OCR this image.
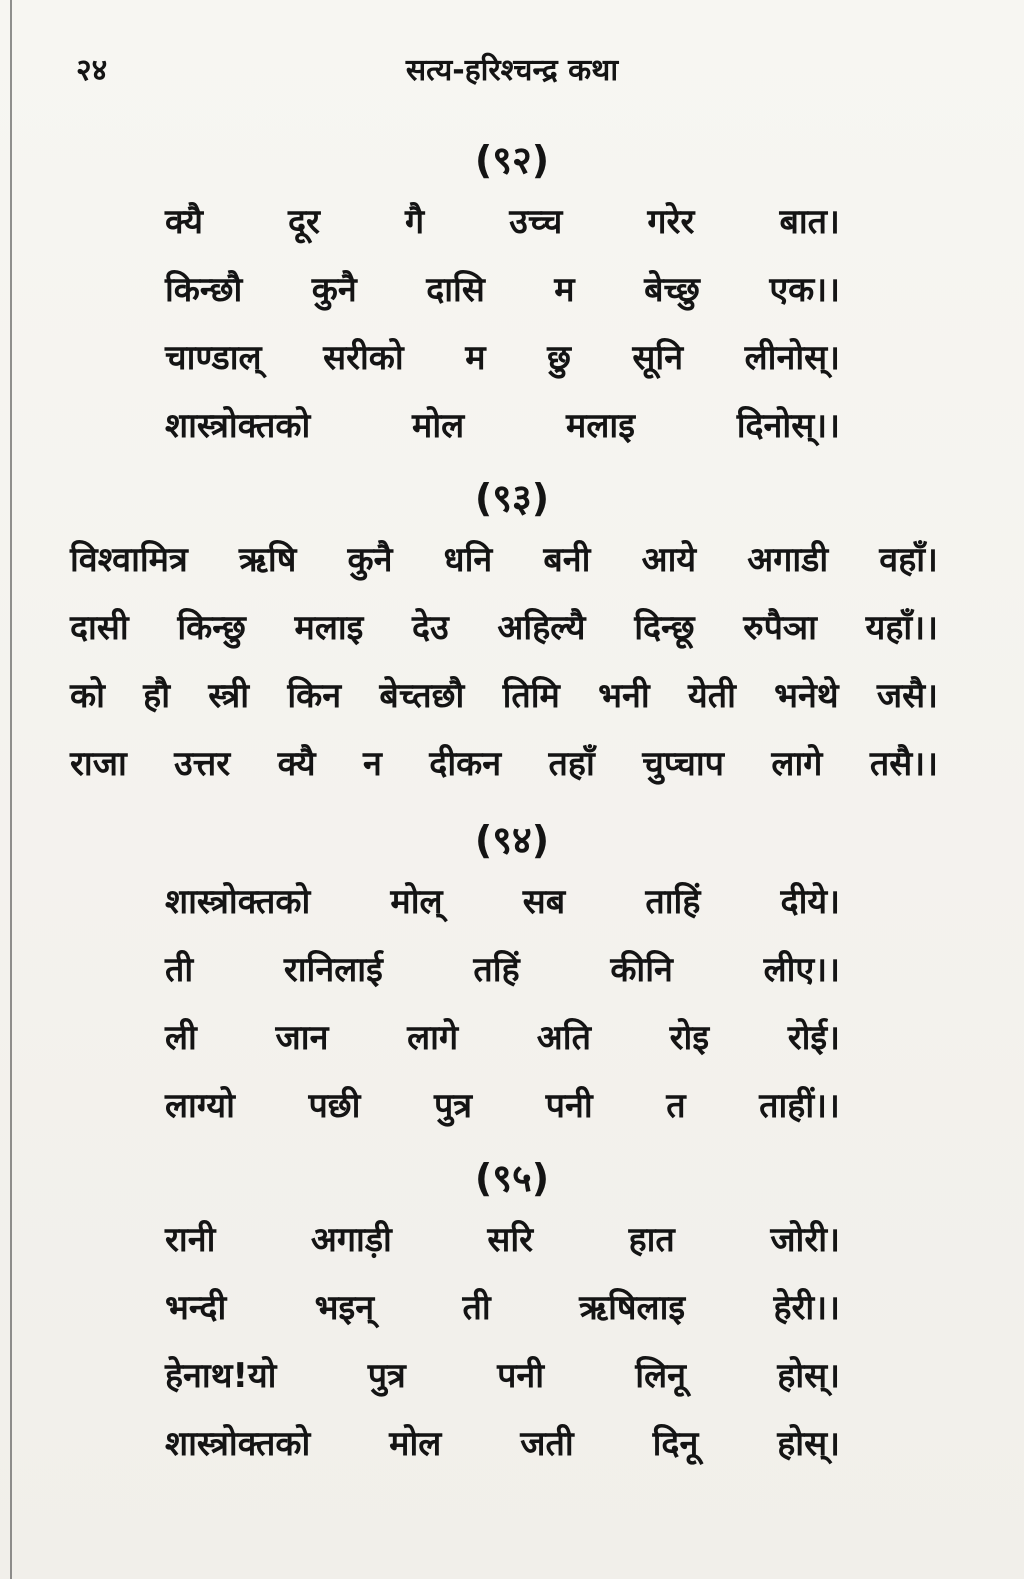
२४	सत्य-हरिश्चन्द्र कथा
(९२)
क्यै	दूर	गै	उच्च	गरेर	बात।
किन्छौ कुनै दासि म बेच्छु एक।।
चाण्डाल् सरीको म छु सूनि लीनोस्।
शास्त्रोक्तको	मोल	मलाइ	दिनोस्।।
(९३)
विश्वामित्र ऋषि कुनै धनि बनी आये अगाडी वहाँ।
दासी किन्छु मलाइ देउ अहिल्यै दिन्छू रुपैञा यहाँ।।
को हौ स्त्री किन बेच्तछौ तिमि भनी येती भनेथे जसै।
राजा उत्तर क्यै न दीकन तहाँ चुप्चाप लागे तसै।।
(९४)
शास्त्रोक्तको मोल् सब ताहिं दीये।
ती	रानिलाई	तहिं	कीनि	लीए।।
ली जान लागे अति रोइ रोई।
लाग्यो पछी पुत्र पनी त ताहीं।।
(९५)
रानी	अगाड़ी	सरि	हात	जोरी।
भन्दी	भइन्	ती	ऋषिलाइ	हेरी।।
हेनाथ!यो	पुत्र	पनी	लिनू	होस्।
शास्त्रोक्तको मोल जती दिनू होस्।
